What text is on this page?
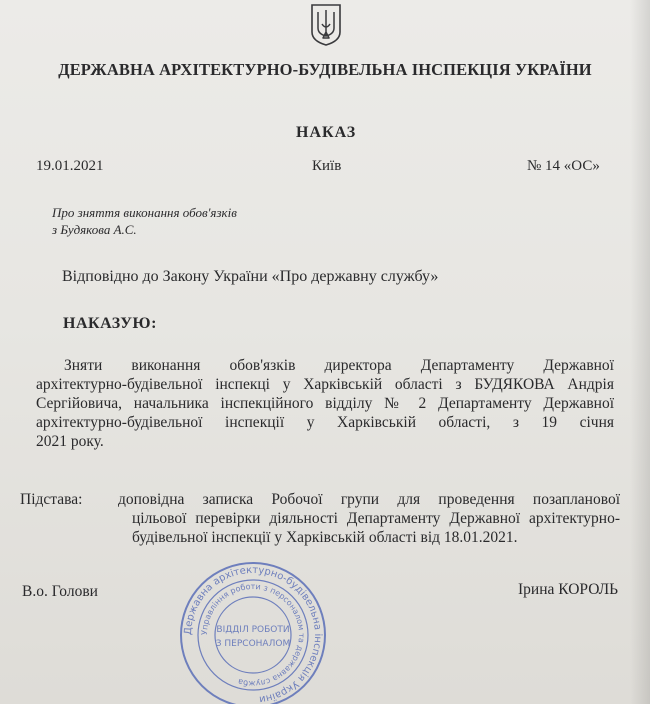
ДЕРЖАВНА АРХІТЕКТУРНО-БУДІВЕЛЬНА ІНСПЕКЦІЯ УКРАЇНИ
НАКАЗ
19.01.2021	Київ	№ 14 «ОС»
Про зняття виконання обов'язків
з Будякова А.С.
Відповідно до Закону України «Про державну службу»
НАКАЗУЮ:
Зняти виконання обов'язків директора Департаменту Державної
архітектурно-будівельної інспекці у Харківській області з БУДЯКОВА Андрія
Сергійовича, начальника інспекційного відділу № 2 Департаменту Державної
архітектурно-будівельної інспекції у Харківській області, з 19 січня
2021 року.
Підстава: доповідна записка Робочої групи для проведення позапланової
цільової перевірки діяльності Департаменту Державної архітектурно-
будівельної інспекції у Харківській області від 18.01.2021.
В.о. Голови	Ірина КОРОЛЬ
Державна архітектурно-будівельна інспекція України
Управління роботи з персоналом та державна служба
ВІДДІЛ РОБОТИ
З ПЕРСОНАЛОМ
